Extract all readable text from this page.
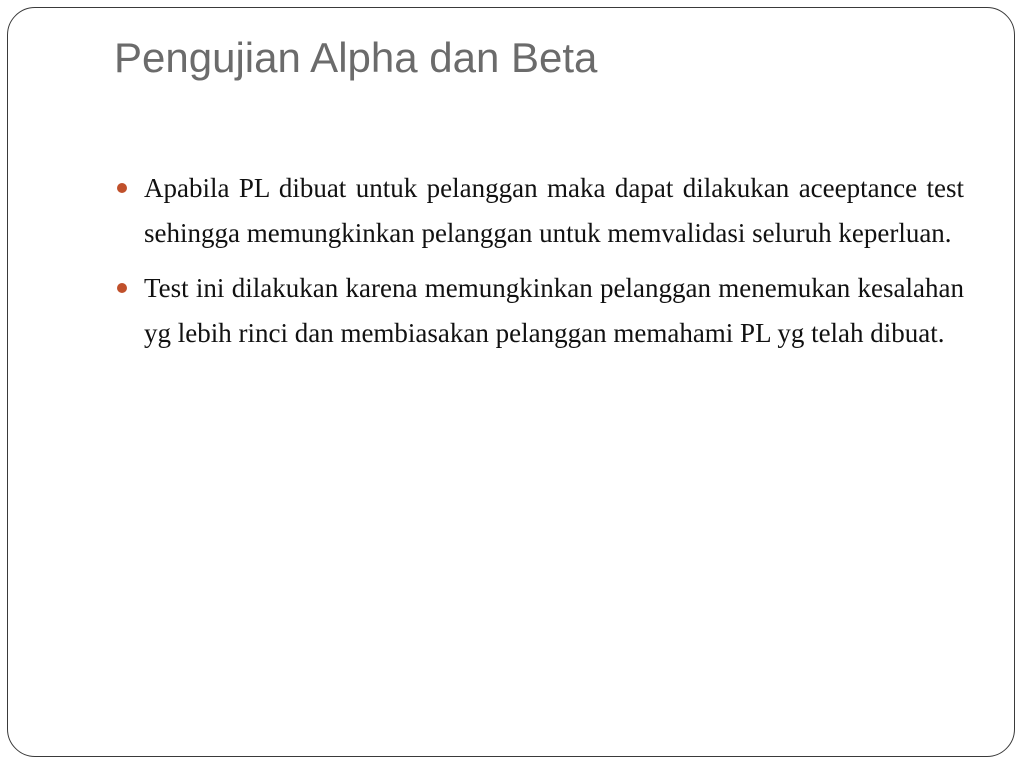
Pengujian Alpha dan Beta
Apabila PL dibuat untuk pelanggan maka dapat dilakukan aceeptance test sehingga memungkinkan pelanggan untuk memvalidasi seluruh keperluan.
Test ini dilakukan karena memungkinkan pelanggan menemukan kesalahan yg lebih rinci dan membiasakan pelanggan memahami PL yg telah dibuat.
